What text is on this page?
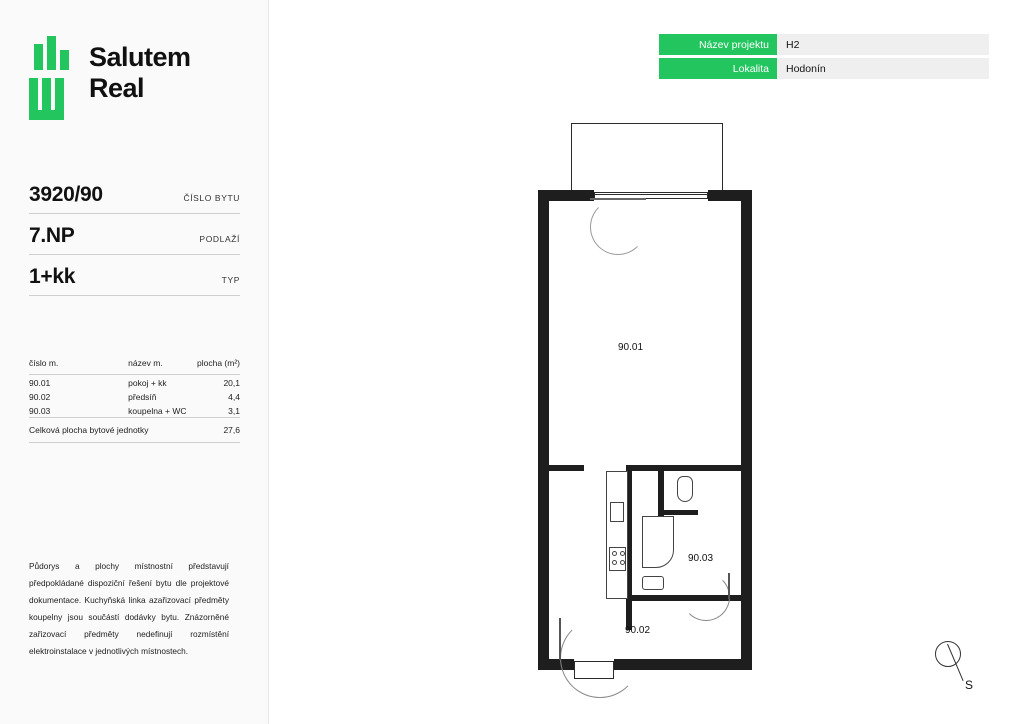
Salutem
Real
3920/90	ČÍSLO BYTU
7.NP	PODLAŽÍ
1+kk	TYP
číslo m.	název m.	plocha (m²)
90.01	pokoj + kk	20,1
90.02	předsíň	4,4
90.03	koupelna + WC	3,1
Celková plocha bytové jednotky		27,6
Půdorys a plochy místnostní představují předpokládané dispoziční řešení bytu dle projektové dokumentace. Kuchyňská linka azařizovací předměty koupelny jsou součástí dodávky bytu. Znázorněné zařizovací předměty nedefinují rozmístění elektroinstalace v jednotlivých místnostech.
Název projektu	H2
Lokalita	Hodonín
90.01
90.03
90.02
S
